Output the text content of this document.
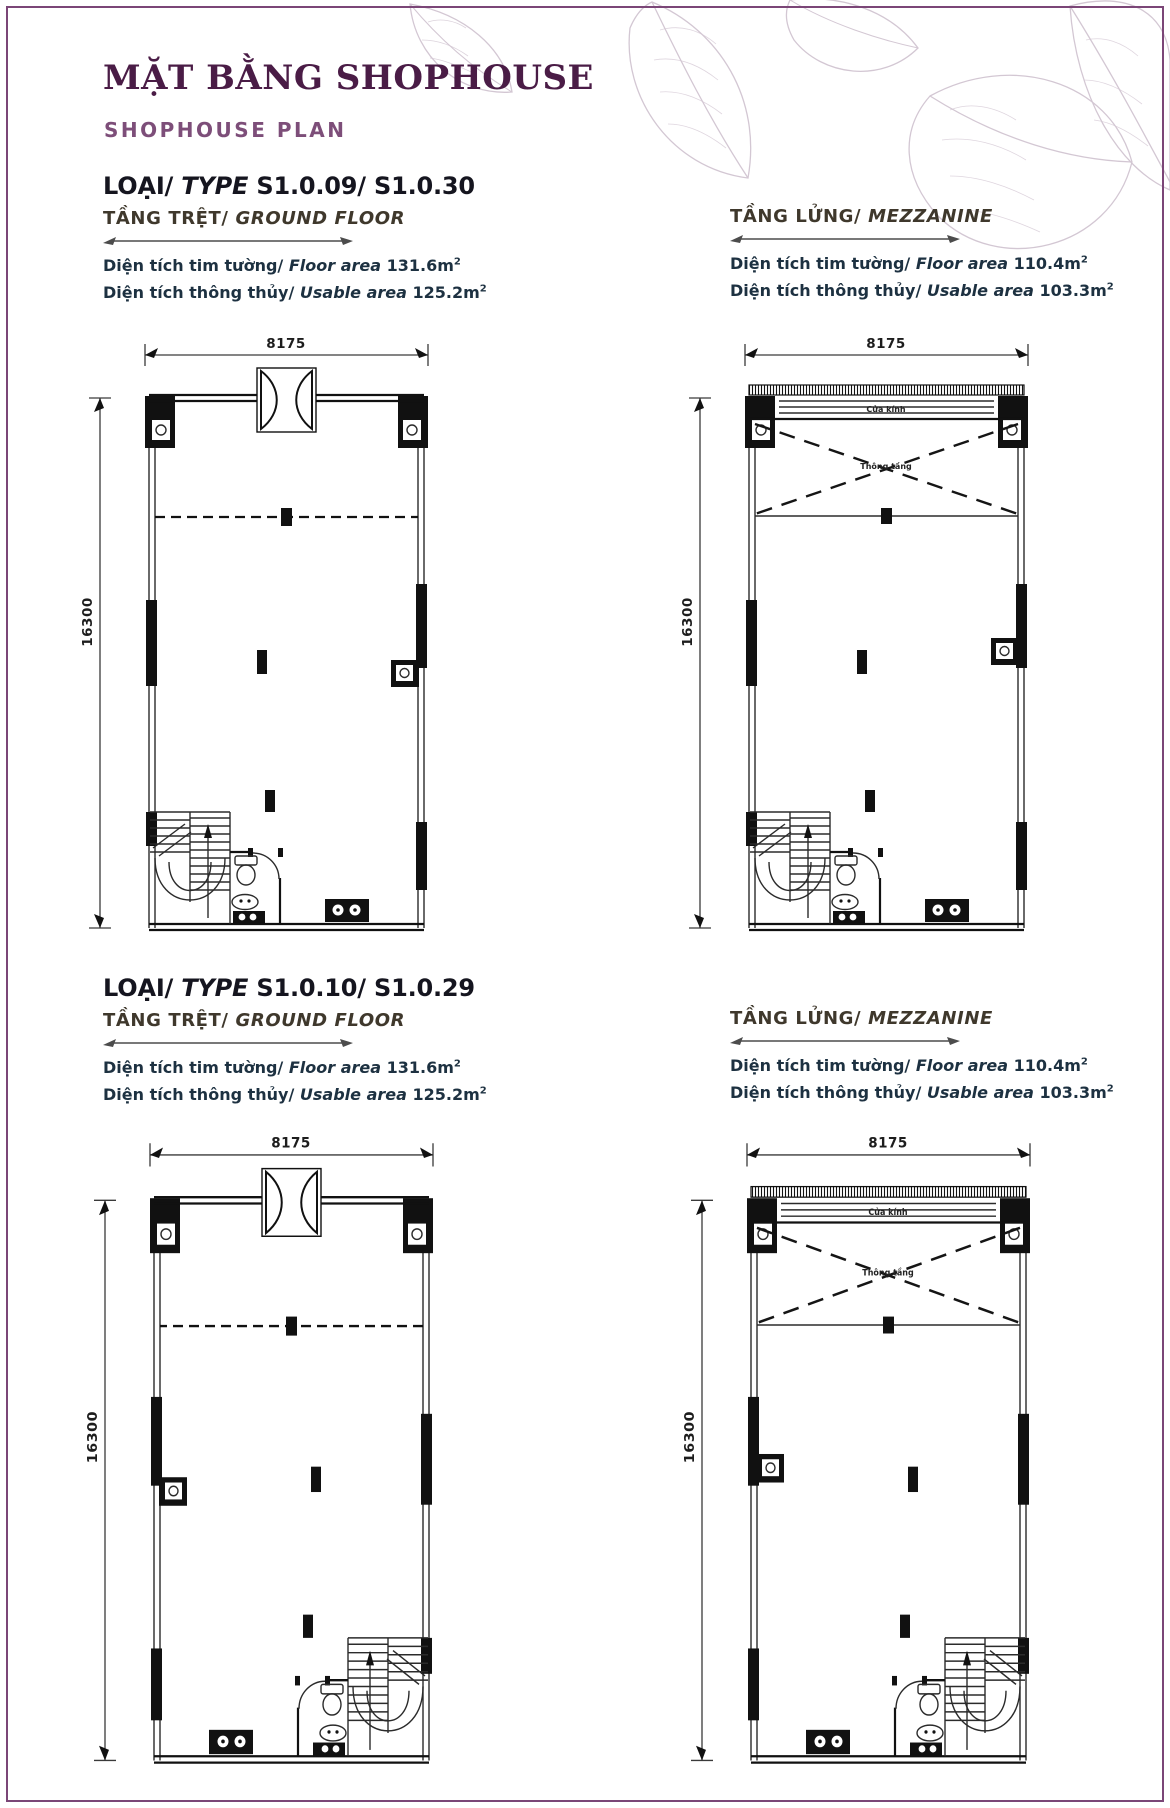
MẶT BẰNG SHOPHOUSE
SHOPHOUSE PLAN
LOẠI/ TYPE S1.0.09/ S1.0.30
TẦNG TRỆT/ GROUND FLOOR
Diện tích tim tường/ Floor area $131.6m^2$
Diện tích thông thủy/ Usable area $125.2m^2$
TẦNG LỬNG/ MEZZANINE
Diện tích tim tường/ Floor area $110.4m^2$
Diện tích thông thủy/ Usable area $103.3m^2$
LOẠI/ TYPE S1.0.10/ S1.0.29
TẦNG TRỆT/ GROUND FLOOR
Diện tích tim tường/ Floor area $131.6m^2$
Diện tích thông thủy/ Usable area $125.2m^2$
TẦNG LỬNG/ MEZZANINE
Diện tích tim tường/ Floor area $110.4m^2$
Diện tích thông thủy/ Usable area $103.3m^2$
8175
16300
8175
16300
Cửa kính
Thông tầng
8175
16300
8175
16300
Cửa kính
Thông tầng
